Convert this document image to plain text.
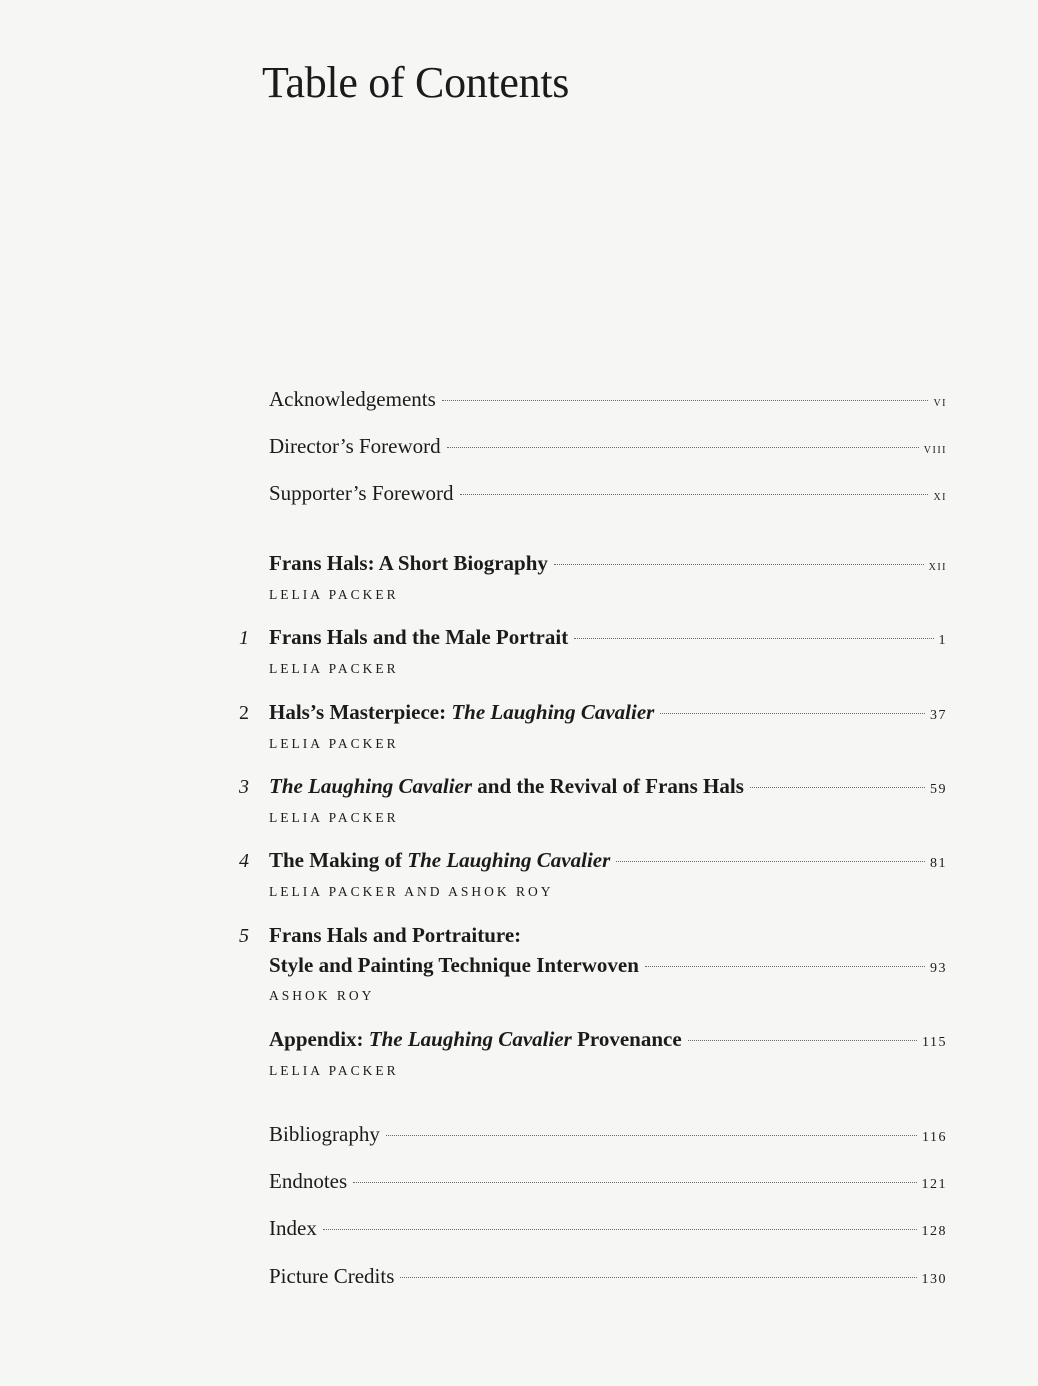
Table of Contents
Acknowledgements	vi
Director’s Foreword	viii
Supporter’s Foreword	xi
Frans Hals: A Short Biography	xii
LELIA PACKER
1 Frans Hals and the Male Portrait	1
LELIA PACKER
2 Hals’s Masterpiece: The Laughing Cavalier	37
LELIA PACKER
3 The Laughing Cavalier and the Revival of Frans Hals	59
LELIA PACKER
4 The Making of The Laughing Cavalier	81
LELIA PACKER AND ASHOK ROY
5 Frans Hals and Portraiture:
Style and Painting Technique Interwoven	93
ASHOK ROY
Appendix: The Laughing Cavalier Provenance	115
LELIA PACKER
Bibliography	116
Endnotes	121
Index	128
Picture Credits	130
